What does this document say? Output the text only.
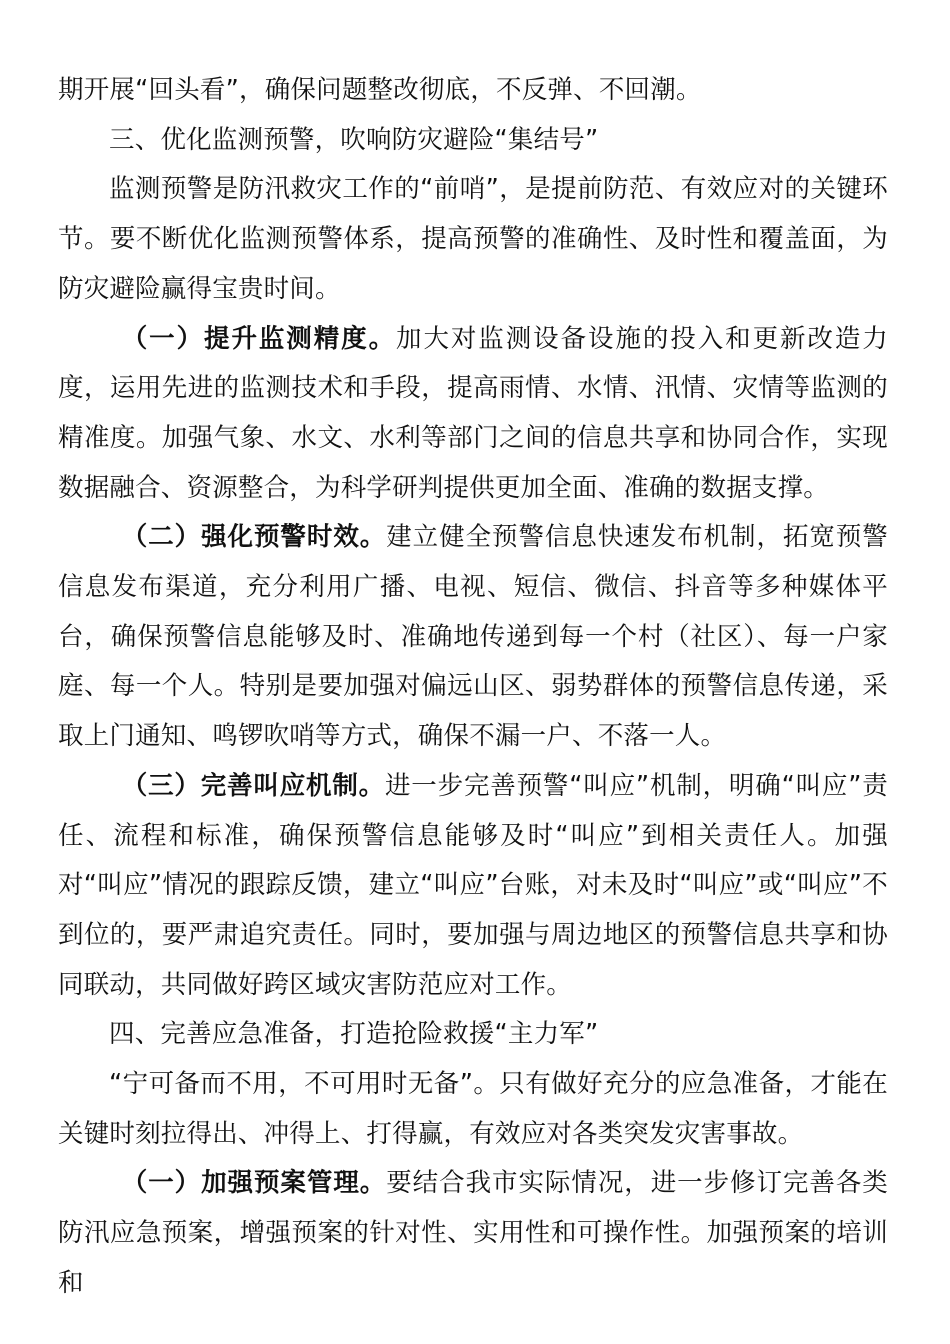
期开展“回头看”，确保问题整改彻底，不反弹、不回潮。

三、优化监测预警，吹响防灾避险“集结号”

监测预警是防汛救灾工作的“前哨”，是提前防范、有效应对的关键环节。要不断优化监测预警体系，提高预警的准确性、及时性和覆盖面，为防灾避险赢得宝贵时间。

（一）提升监测精度。加大对监测设备设施的投入和更新改造力度，运用先进的监测技术和手段，提高雨情、水情、汛情、灾情等监测的精准度。加强气象、水文、水利等部门之间的信息共享和协同合作，实现数据融合、资源整合，为科学研判提供更加全面、准确的数据支撑。

（二）强化预警时效。建立健全预警信息快速发布机制，拓宽预警信息发布渠道，充分利用广播、电视、短信、微信、抖音等多种媒体平台，确保预警信息能够及时、准确地传递到每一个村（社区）、每一户家庭、每一个人。特别是要加强对偏远山区、弱势群体的预警信息传递，采取上门通知、鸣锣吹哨等方式，确保不漏一户、不落一人。

（三）完善叫应机制。进一步完善预警“叫应”机制，明确“叫应”责任、流程和标准，确保预警信息能够及时“叫应”到相关责任人。加强对“叫应”情况的跟踪反馈，建立“叫应”台账，对未及时“叫应”或“叫应”不到位的，要严肃追究责任。同时，要加强与周边地区的预警信息共享和协同联动，共同做好跨区域灾害防范应对工作。

四、完善应急准备，打造抢险救援“主力军”

“宁可备而不用，不可用时无备”。只有做好充分的应急准备，才能在关键时刻拉得出、冲得上、打得赢，有效应对各类突发灾害事故。

（一）加强预案管理。要结合我市实际情况，进一步修订完善各类防汛应急预案，增强预案的针对性、实用性和可操作性。加强预案的培训和
